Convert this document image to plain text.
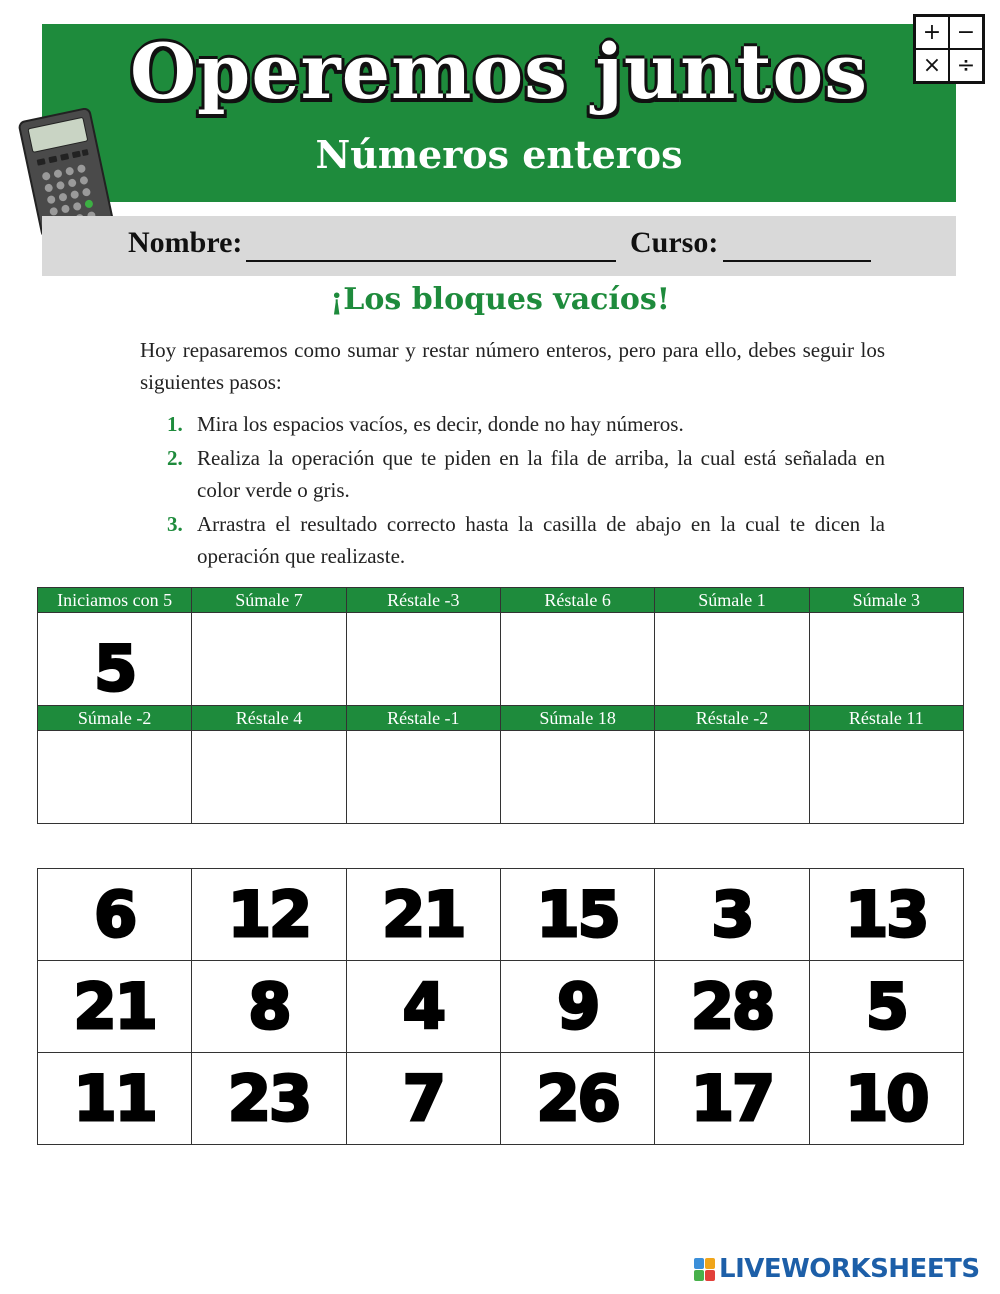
Operemos juntos
Números enteros
+ −
× ÷
Nombre:	Curso:
¡Los bloques vacíos!
Hoy repasaremos como sumar y restar número enteros, pero para ello, debes seguir los siguientes pasos:
1. Mira los espacios vacíos, es decir, donde no hay números.
2. Realiza la operación que te piden en la fila de arriba, la cual está señalada en color verde o gris.
3. Arrastra el resultado correcto hasta la casilla de abajo en la cual te dicen la operación que realizaste.
Iniciamos con 5	Súmale 7	Réstale -3	Réstale 6	Súmale 1	Súmale 3
5					
Súmale -2	Réstale 4	Réstale -1	Súmale 18	Réstale -2	Réstale 11

6	12	21	15	3	13
21	8	4	9	28	5
11	23	7	26	17	10
LIVEWORKSHEETS
